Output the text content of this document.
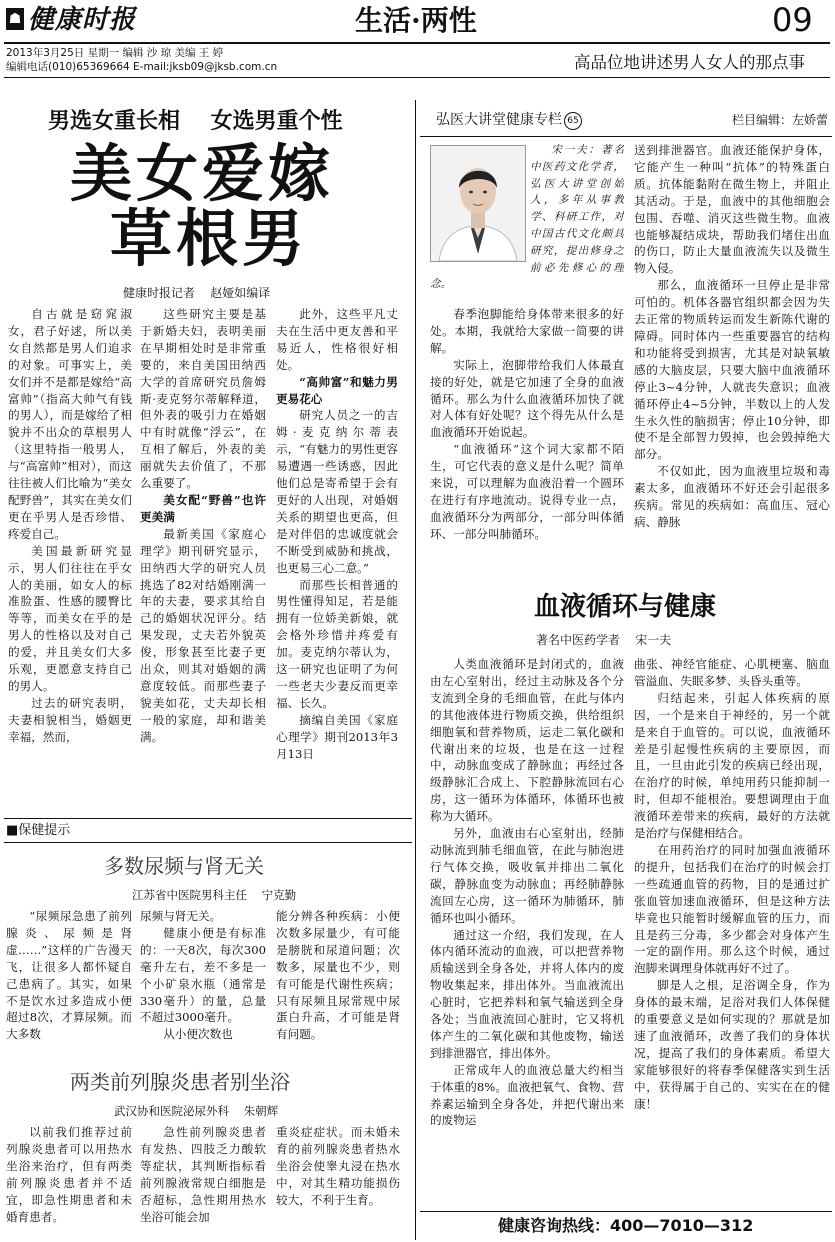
☗ 健康时报	生活·两性	09
2013年3月25日 星期一 编辑 沙 琼 美编 王 婷
编辑电话(010)65369664 E-mail:jksb09@jksb.com.cn	高品位地讲述男人女人的那点事
男选女重长相    女选男重个性
美女爱嫁
草根男
健康时报记者    赵娅如编译

自古就是窈窕淑女，君子好逑，所以美女自然都是男人们追求的对象。可事实上，美女们并不是都是嫁给“高富帅”（指高大帅气有钱的男人），而是嫁给了相貌并不出众的草根男人（这里特指一般男人，与“高富帅”相对），而这往往被人们比喻为“美女配野兽”，其实在美女们更在乎男人是否珍惜、疼爱自己。

美国最新研究显示，男人们往往在乎女人的美丽，如女人的标准脸蛋、性感的腰臀比等等，而美女在乎的是男人的性格以及对自己的爱，并且美女们大多乐观，更愿意支持自己的男人。

过去的研究表明，夫妻相貌相当，婚姻更幸福，然而，

这些研究主要是基于新婚夫妇，表明美丽在早期相处时是非常重要的，来自美国田纳西大学的首席研究员詹姆斯·麦克努尔蒂解释道，但外表的吸引力在婚姻中有时就像“浮云”，在互相了解后，外表的美丽就失去价值了，不那么重要了。

美女配“野兽”也许更美满

最新美国《家庭心理学》期刊研究显示，田纳西大学的研究人员挑选了82对结婚刚满一年的夫妻，要求其给自己的婚姻状况评分。结果发现，丈夫若外貌英俊，形象甚至比妻子更出众，则其对婚姻的满意度较低。而那些妻子貌美如花，丈夫却长相一般的家庭，却和谐美满。

此外，这些平凡丈夫在生活中更友善和平易近人，性格很好相处。

“高帅富”和魅力男更易花心

研究人员之一的吉姆·麦克纳尔蒂表示，“有魅力的男性更容易遭遇一些诱惑，因此他们总是寄希望于会有更好的人出现，对婚姻关系的期望也更高，但是对伴侣的忠诚度就会不断受到威胁和挑战，也更易三心二意。”

而那些长相普通的男性懂得知足，若是能拥有一位娇美新娘，就会格外珍惜并疼爱有加。麦克纳尔蒂认为，这一研究也证明了为何一些老夫少妻反而更幸福、长久。

摘编自美国《家庭心理学》期刊2013年3月13日

■保健提示
多数尿频与肾无关
江苏省中医院男科主任    宁克勤

“尿频尿急患了前列腺炎、尿频是肾虚……”这样的广告漫天飞，让很多人都怀疑自己患病了。其实，如果不是饮水过多造成小便超过8次，才算尿频。而大多数

尿频与肾无关。

健康小便是有标准的：一天8次，每次300毫升左右，差不多是一个小矿泉水瓶（通常是330毫升）的量，总量不超过3000毫升。

从小便次数也

能分辨各种疾病：小便次数多尿量少，有可能是膀胱和尿道问题；次数多，尿量也不少，则有可能是代谢性疾病；只有尿频且尿常规中尿蛋白升高，才可能是肾有问题。

两类前列腺炎患者别坐浴
武汉协和医院泌尿外科    朱朝辉

以前我们推荐过前列腺炎患者可以用热水坐浴来治疗，但有两类前列腺炎患者并不适宜，即急性期患者和未婚育患者。

急性前列腺炎患者有发热、四肢乏力酸软等症状，其判断指标看前列腺液常规白细胞是否超标，急性期用热水坐浴可能会加

重炎症症状。而未婚未育的前列腺炎患者热水坐浴会使睾丸浸在热水中，对其生精功能损伤较大，不利于生育。

弘医大讲堂健康专栏 65	栏目编辑：左娇蕾
宋一夫：著名中医药文化学者，弘医大讲堂创始人，多年从事教学、科研工作，对中国古代文化颇具研究，提出修身之前必先修心的理念。

春季泡脚能给身体带来很多的好处。本期，我就给大家做一简要的讲解。

实际上，泡脚带给我们人体最直接的好处，就是它加速了全身的血液循环。那么为什么血液循环加快了就对人体有好处呢？这个得先从什么是血液循环开始说起。

“血液循环”这个词大家都不陌生，可它代表的意义是什么呢？简单来说，可以理解为血液沿着一个圆环在进行有序地流动。说得专业一点，血液循环分为两部分，一部分叫体循环、一部分叫肺循环。

送到排泄器官。血液还能保护身体，它能产生一种叫“抗体”的特殊蛋白质。抗体能黏附在微生物上，并阻止其活动。于是，血液中的其他细胞会包围、吞噬、消灭这些微生物。血液也能够凝结成块，帮助我们堵住出血的伤口，防止大量血液流失以及微生物入侵。

那么，血液循环一旦停止是非常可怕的。机体各器官组织都会因为失去正常的物质转运而发生新陈代谢的障碍。同时体内一些重要器官的结构和功能将受到损害，尤其是对缺氧敏感的大脑皮层，只要大脑中血液循环停止3~4分钟，人就丧失意识；血液循环停止4~5分钟，半数以上的人发生永久性的脑损害；停止10分钟，即使不是全部智力毁掉，也会毁掉绝大部分。

不仅如此，因为血液里垃圾和毒素太多，血液循环不好还会引起很多疾病。常见的疾病如：高血压、冠心病、静脉

血液循环与健康
著名中医药学者    宋一夫

人类血液循环是封闭式的，血液由左心室射出，经过主动脉及各个分支流到全身的毛细血管，在此与体内的其他液体进行物质交换，供给组织细胞氧和营养物质，运走二氧化碳和代谢出来的垃圾，也是在这一过程中，动脉血变成了静脉血；再经过各级静脉汇合成上、下腔静脉流回右心房，这一循环为体循环，体循环也被称为大循环。

另外，血液由右心室射出，经肺动脉流到肺毛细血管，在此与肺泡进行气体交换，吸收氧并排出二氧化碳，静脉血变为动脉血；再经肺静脉流回左心房，这一循环为肺循环，肺循环也叫小循环。

通过这一介绍，我们发现，在人体内循环流动的血液，可以把营养物质输送到全身各处，并将人体内的废物收集起来，排出体外。当血液流出心脏时，它把养料和氧气输送到全身各处；当血液流回心脏时，它又将机体产生的二氧化碳和其他废物，输送到排泄器官，排出体外。

正常成年人的血液总量大约相当于体重的8%。血液把氧气、食物、营养素运输到全身各处，并把代谢出来的废物运

曲张、神经官能症、心肌梗塞、脑血管溢血、失眠多梦、头昏头重等。

归结起来，引起人体疾病的原因，一个是来自于神经的，另一个就是来自于血管的。可以说，血液循环差是引起慢性疾病的主要原因，而且，一旦由此引发的疾病已经出现，在治疗的时候，单纯用药只能抑制一时，但却不能根治。要想调理由于血液循环差带来的疾病，最好的方法就是治疗与保健相结合。

在用药治疗的同时加强血液循环的提升，包括我们在治疗的时候会打一些疏通血管的药物，目的是通过扩张血管加速血液循环，但是这种方法毕竟也只能暂时缓解血管的压力，而且是药三分毒，多少都会对身体产生一定的副作用。那么这个时候，通过泡脚来调理身体就再好不过了。

脚是人之根，足浴调全身，作为身体的最末端，足浴对我们人体保健的重要意义是如何实现的？那就是加速了血液循环，改善了我们的身体状况，提高了我们的身体素质。希望大家能够很好的将春季保健落实到生活中，获得属于自己的、实实在在的健康！

健康咨询热线：400—7010—312
